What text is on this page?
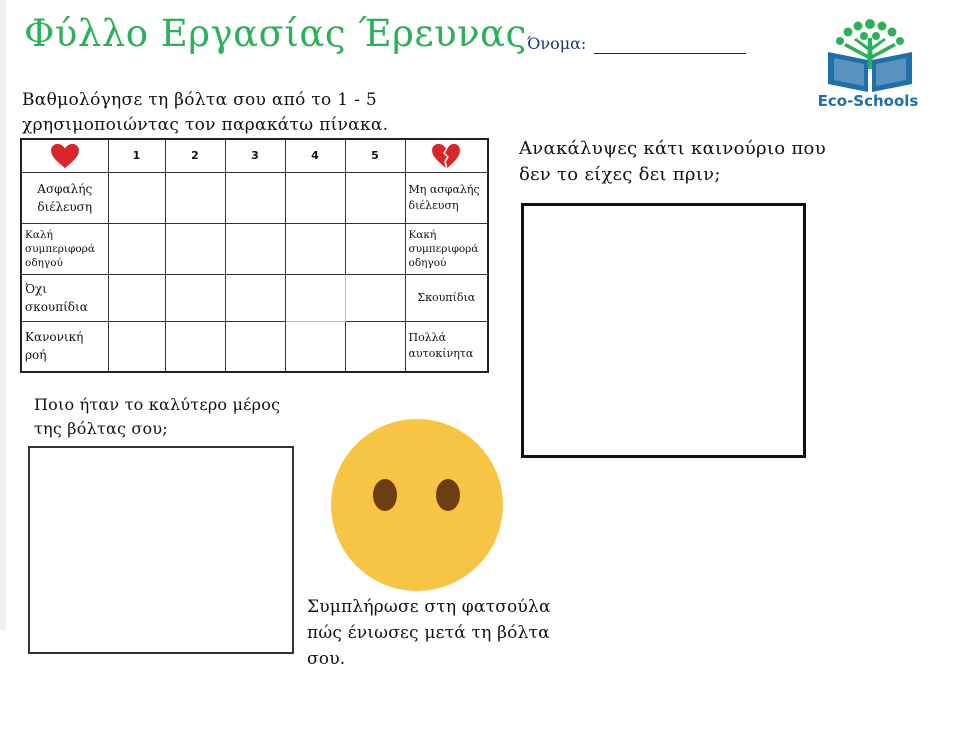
Φύλλο Εργασίας Έρευνας Όνομα:
Eco-Schools
Βαθμολόγησε τη βόλτα σου από το 1 - 5
χρησιμοποιώντας τον παρακάτω πίνακα.
	1	2	3	4	5	

Ασφαλής διέλευση						Μη ασφαλής διέλευση
Καλή συμπεριφορά οδηγού						Κακή συμπεριφορά οδηγού
Όχι σκουπίδια						Σκουπίδια
Κανονική ροή						Πολλά αυτοκίνητα
Ανακάλυψες κάτι καινούριο που δεν το είχες δει πριν;
Ποιο ήταν το καλύτερο μέρος της βόλτας σου;
Συμπλήρωσε στη φατσούλα πώς ένιωσες μετά τη βόλτα σου.
